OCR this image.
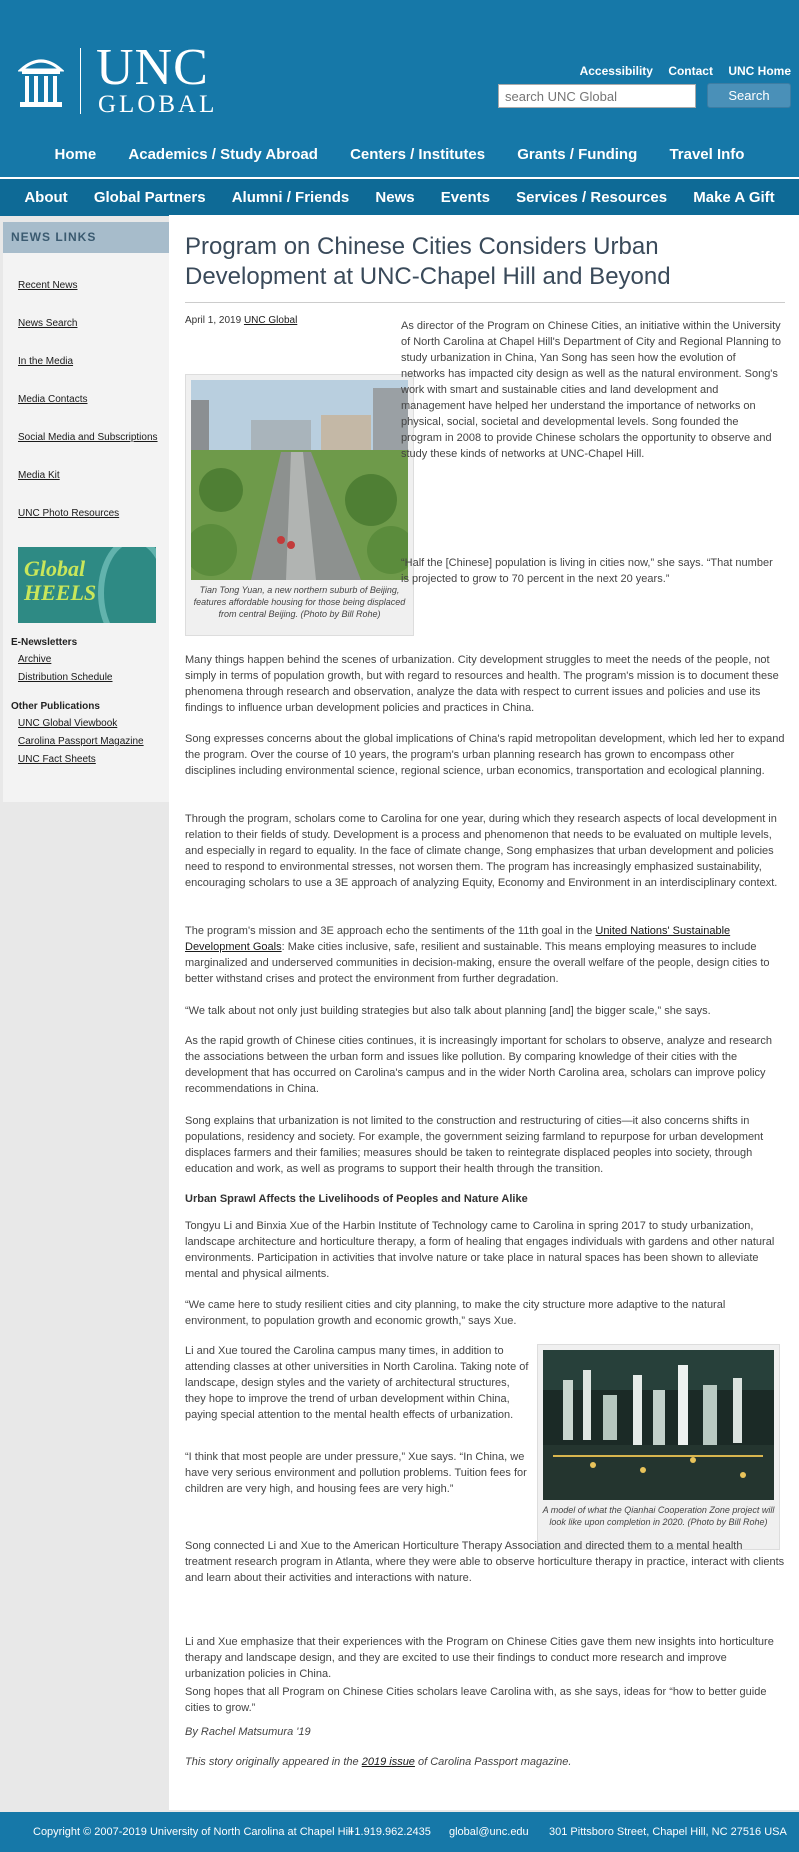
UNC
GLOBAL
Accessibility Contact UNC Home
search UNC Global
Search
Home Academics / Study Abroad Centers / Institutes Grants / Funding Travel Info
About Global Partners Alumni / Friends News Events Services / Resources Make A Gift
NEWS LINKS
Recent News
News Search
In the Media
Media Contacts
Social Media and Subscriptions
Media Kit
UNC Photo Resources
Global
HEELS
E-Newsletters
Archive
Distribution Schedule
Other Publications
UNC Global Viewbook
Carolina Passport Magazine
UNC Fact Sheets
Program on Chinese Cities Considers Urban Development at UNC-Chapel Hill and Beyond
April 1, 2019 UNC Global
Tian Tong Yuan, a new northern suburb of Beijing, features affordable housing for those being displaced from central Beijing. (Photo by Bill Rohe)

As director of the Program on Chinese Cities, an initiative within the University of North Carolina at Chapel Hill's Department of City and Regional Planning to study urbanization in China, Yan Song has seen how the evolution of networks has impacted city design as well as the natural environment. Song's work with smart and sustainable cities and land development and management have helped her understand the importance of networks on physical, social, societal and developmental levels. Song founded the program in 2008 to provide Chinese scholars the opportunity to observe and study these kinds of networks at UNC-Chapel Hill.

“Half the [Chinese] population is living in cities now,” she says. “That number is projected to grow to 70 percent in the next 20 years.”

Many things happen behind the scenes of urbanization. City development struggles to meet the needs of the people, not simply in terms of population growth, but with regard to resources and health. The program's mission is to document these phenomena through research and observation, analyze the data with respect to current issues and policies and use its findings to influence urban development policies and practices in China.

Song expresses concerns about the global implications of China's rapid metropolitan development, which led her to expand the program. Over the course of 10 years, the program's urban planning research has grown to encompass other disciplines including environmental science, regional science, urban economics, transportation and ecological planning.

Through the program, scholars come to Carolina for one year, during which they research aspects of local development in relation to their fields of study. Development is a process and phenomenon that needs to be evaluated on multiple levels, and especially in regard to equality. In the face of climate change, Song emphasizes that urban development and policies need to respond to environmental stresses, not worsen them. The program has increasingly emphasized sustainability, encouraging scholars to use a 3E approach of analyzing Equity, Economy and Environment in an interdisciplinary context.

The program's mission and 3E approach echo the sentiments of the 11th goal in the United Nations' Sustainable Development Goals: Make cities inclusive, safe, resilient and sustainable. This means employing measures to include marginalized and underserved communities in decision-making, ensure the overall welfare of the people, design cities to better withstand crises and protect the environment from further degradation.

“We talk about not only just building strategies but also talk about planning [and] the bigger scale,” she says.

As the rapid growth of Chinese cities continues, it is increasingly important for scholars to observe, analyze and research the associations between the urban form and issues like pollution. By comparing knowledge of their cities with the development that has occurred on Carolina's campus and in the wider North Carolina area, scholars can improve policy recommendations in China.

Song explains that urbanization is not limited to the construction and restructuring of cities—it also concerns shifts in populations, residency and society. For example, the government seizing farmland to repurpose for urban development displaces farmers and their families; measures should be taken to reintegrate displaced peoples into society, through education and work, as well as programs to support their health through the transition.

Urban Sprawl Affects the Livelihoods of Peoples and Nature Alike

Tongyu Li and Binxia Xue of the Harbin Institute of Technology came to Carolina in spring 2017 to study urbanization, landscape architecture and horticulture therapy, a form of healing that engages individuals with gardens and other natural environments. Participation in activities that involve nature or take place in natural spaces has been shown to alleviate mental and physical ailments.

“We came here to study resilient cities and city planning, to make the city structure more adaptive to the natural environment, to population growth and economic growth,” says Xue.

A model of what the Qianhai Cooperation Zone project will look like upon completion in 2020. (Photo by Bill Rohe)

Li and Xue toured the Carolina campus many times, in addition to attending classes at other universities in North Carolina. Taking note of landscape, design styles and the variety of architectural structures, they hope to improve the trend of urban development within China, paying special attention to the mental health effects of urbanization.

“I think that most people are under pressure,” Xue says. “In China, we have very serious environment and pollution problems. Tuition fees for children are very high, and housing fees are very high.”

Song connected Li and Xue to the American Horticulture Therapy Association and directed them to a mental health treatment research program in Atlanta, where they were able to observe horticulture therapy in practice, interact with clients and learn about their activities and interactions with nature.

Li and Xue emphasize that their experiences with the Program on Chinese Cities gave them new insights into horticulture therapy and landscape design, and they are excited to use their findings to conduct more research and improve urbanization policies in China.

Song hopes that all Program on Chinese Cities scholars leave Carolina with, as she says, ideas for “how to better guide cities to grow.”

By Rachel Matsumura '19

This story originally appeared in the 2019 issue of Carolina Passport magazine.

Copyright © 2007-2019 University of North Carolina at Chapel Hill
+1.919.962.2435 global@unc.edu 301 Pittsboro Street, Chapel Hill, NC 27516 USA
